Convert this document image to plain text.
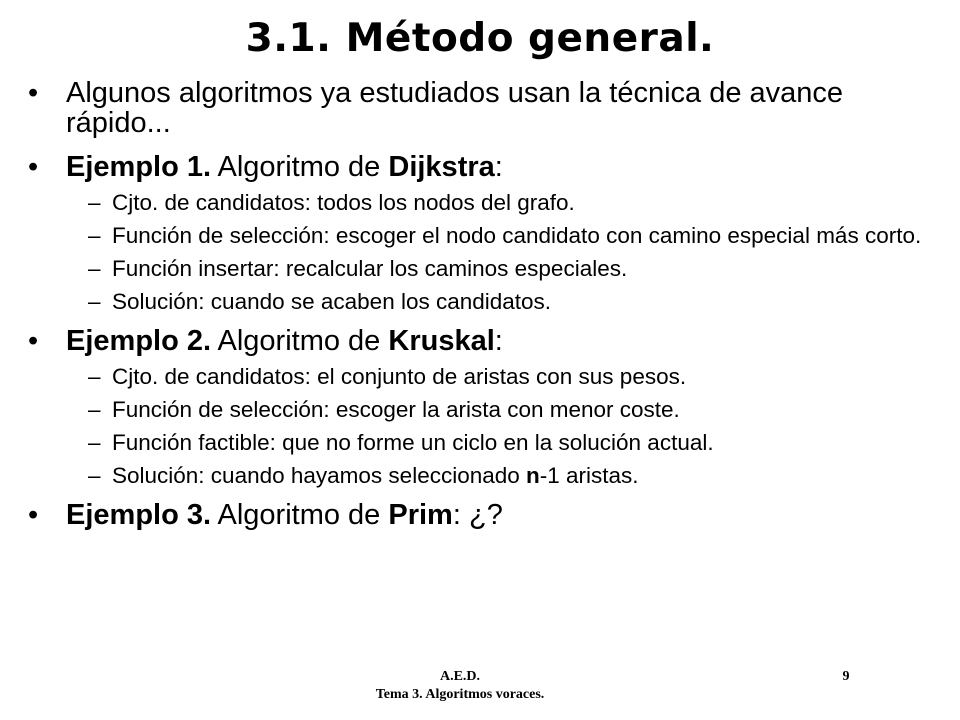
3.1. Método general.
• Algunos algoritmos ya estudiados usan la técnica de avance rápido...
• Ejemplo 1. Algoritmo de Dijkstra:
– Cjto. de candidatos: todos los nodos del grafo.
– Función de selección: escoger el nodo candidato con camino especial más corto.
– Función insertar: recalcular los caminos especiales.
– Solución: cuando se acaben los candidatos.
• Ejemplo 2. Algoritmo de Kruskal:
– Cjto. de candidatos: el conjunto de aristas con sus pesos.
– Función de selección: escoger la arista con menor coste.
– Función factible: que no forme un ciclo en la solución actual.
– Solución: cuando hayamos seleccionado n-1 aristas.
• Ejemplo 3. Algoritmo de Prim: ¿?
A.E.D.
Tema 3. Algoritmos voraces.
9
